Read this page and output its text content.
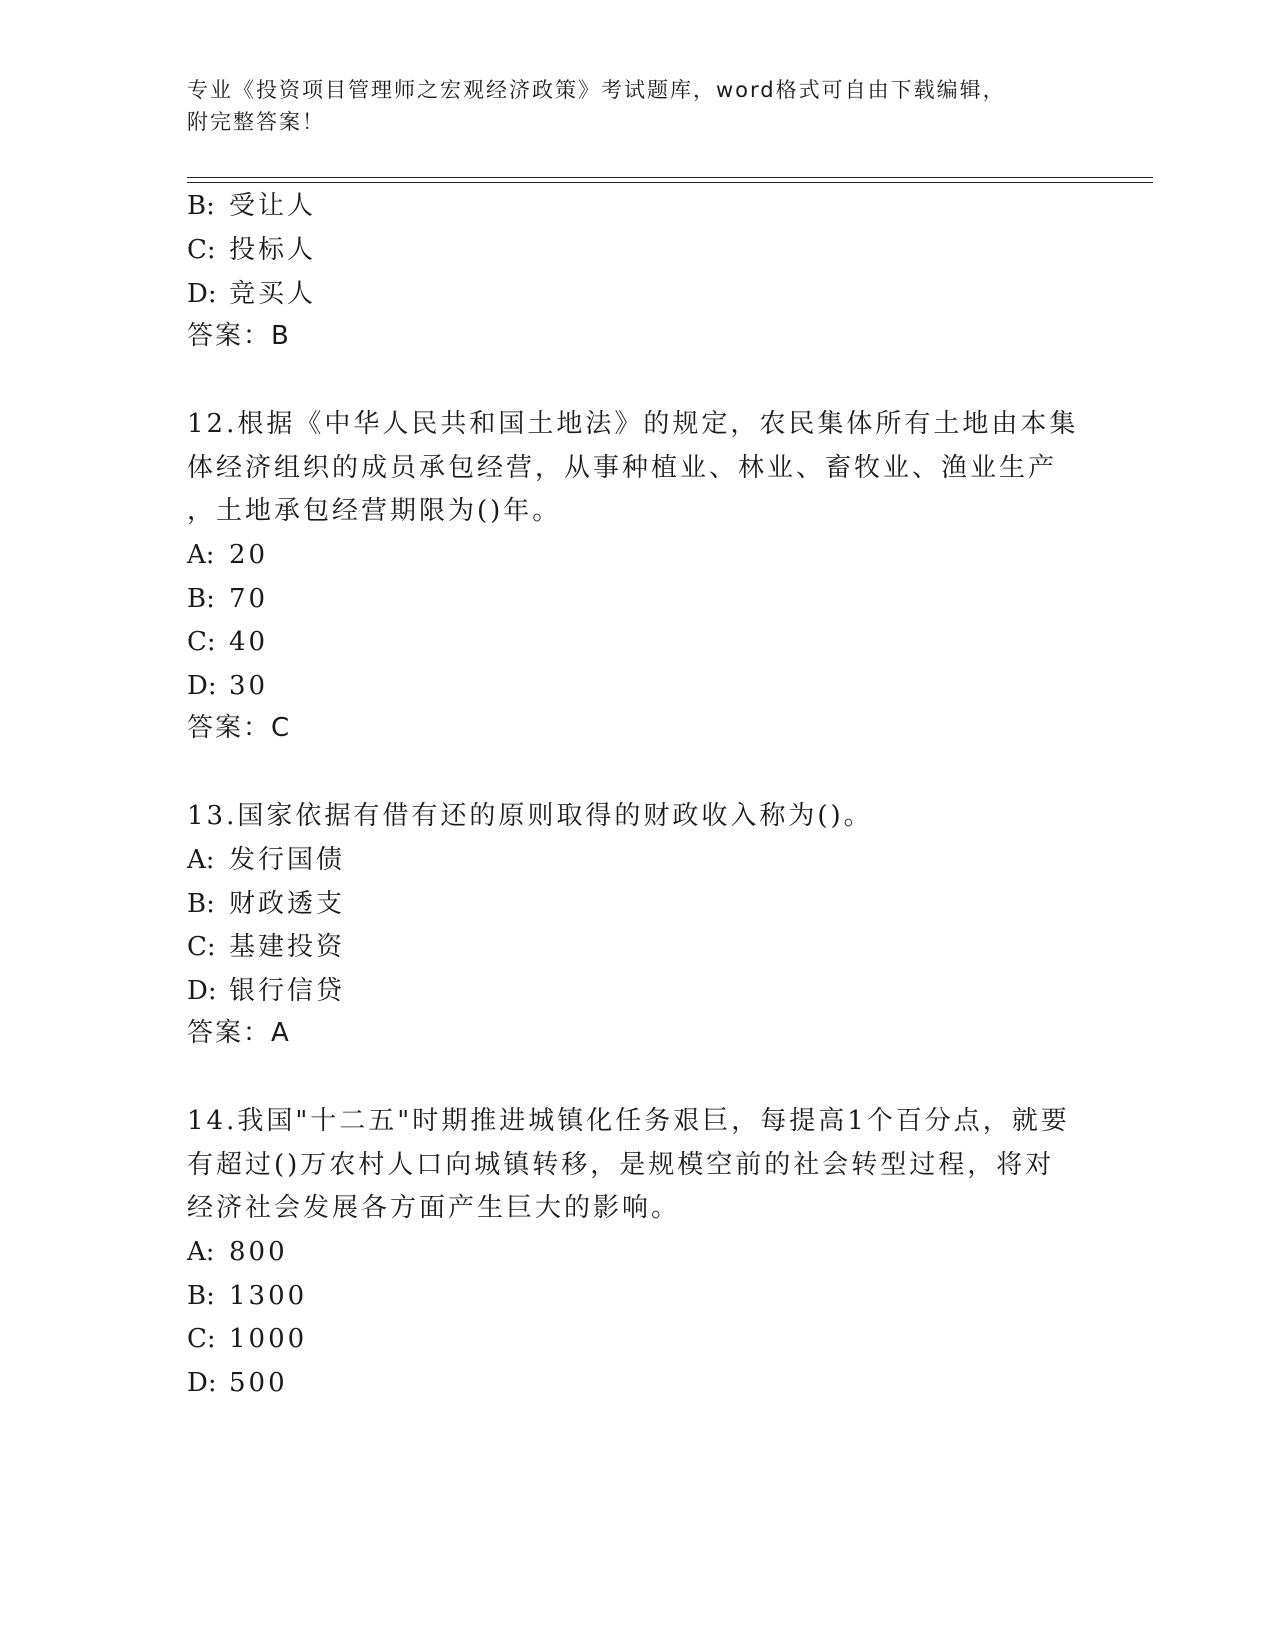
专业《投资项目管理师之宏观经济政策》考试题库，word格式可自由下载编辑，
附完整答案！
B: 受让人
C: 投标人
D: 竞买人
答案：B
12.根据《中华人民共和国土地法》的规定，农民集体所有土地由本集
体经济组织的成员承包经营，从事种植业、林业、畜牧业、渔业生产
，土地承包经营期限为()年。
A: 20
B: 70
C: 40
D: 30
答案：C
13.国家依据有借有还的原则取得的财政收入称为()。
A: 发行国债
B: 财政透支
C: 基建投资
D: 银行信贷
答案：A
14.我国"十二五"时期推进城镇化任务艰巨，每提高1个百分点，就要
有超过()万农村人口向城镇转移，是规模空前的社会转型过程，将对
经济社会发展各方面产生巨大的影响。
A: 800
B: 1300
C: 1000
D: 500
